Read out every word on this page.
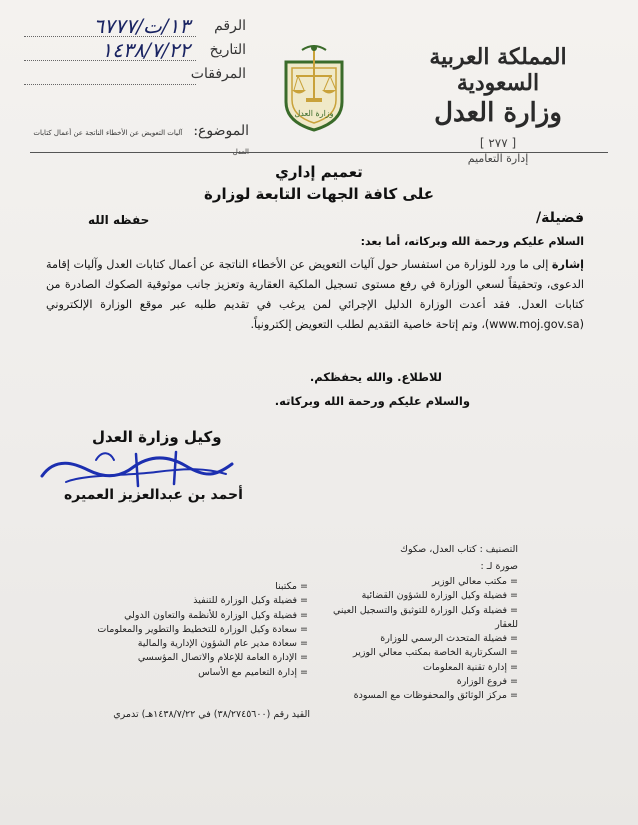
المملكة العربية السعودية
وزارة العدل
[ ٢٧٧ ]
إدارة التعاميم
وزارة العدل
الرقم
١٣/ت/٦٧٧٧
التاريخ
١٤٣٨/٧/٢٢
المرفقات
الموضوع: آليات التعويض عن الأخطاء الناتجة عن أعمال كتابات العدل
تعميم إداري
على كافة الجهات التابعة لوزارة
فضيلة/
حفظه الله
السلام عليكم ورحمة الله وبركاته، أما بعد:
إشارة إلى ما ورد للوزارة من استفسار حول آليات التعويض عن الأخطاء الناتجة عن أعمال كتابات العدل وآليات إقامة الدعوى، وتحقيقاً لسعي الوزارة في رفع مستوى تسجيل الملكية العقارية وتعزيز جانب موثوقية الصكوك الصادرة من كتابات العدل. فقد أعدت الوزارة الدليل الإجرائي لمن يرغب في تقديم طلبه عبر موقع الوزارة الإلكتروني (www.moj.gov.sa)، وتم إتاحة خاصية التقديم لطلب التعويض إلكترونياً.
للاطلاع. والله يحفظكم.
والسلام عليكم ورحمة الله وبركاته.
وكيل وزارة العدل
أحمد بن عبدالعزيز العميره
التصنيف : كتاب العدل، صكوك
صورة لـ :
= مكتب معالي الوزير
= فضيلة وكيل الوزارة للشؤون القضائية
= فضيلة وكيل الوزارة للتوثيق والتسجيل العيني للعقار
= فضيلة المتحدث الرسمي للوزارة
= السكرتارية الخاصة بمكتب معالي الوزير
= إدارة تقنية المعلومات
= فروع الوزارة
= مركز الوثائق والمحفوظات مع المسودة
= مكتبنا
= فضيلة وكيل الوزارة للتنفيذ
= فضيلة وكيل الوزارة للأنظمة والتعاون الدولي
= سعادة وكيل الوزارة للتخطيط والتطوير والمعلومات
= سعادة مدير عام الشؤون الإدارية والمالية
= الإدارة العامة للإعلام والاتصال المؤسسي
= إدارة التعاميم مع الأساس
القيد رقم (٣٨/٢٧٤٥٦٠٠) في ١٤٣٨/٧/٢٢هـ) تدمري
